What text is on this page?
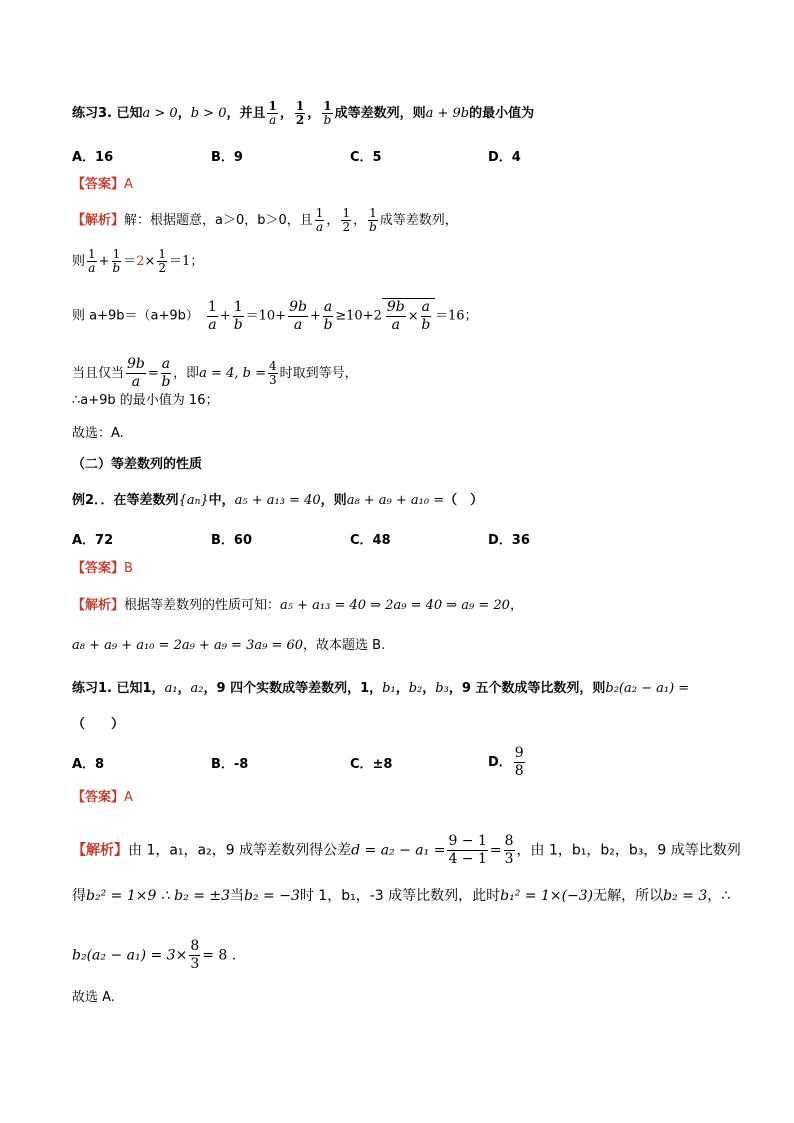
练习3. 已知a > 0，b > 0，并且 $\frac{1}{a}$ ， $\frac{1}{2}$ ， $\frac{1}{b}$ 成等差数列，则a + 9b的最小值为
A．16	B．9	C．5	D．4
【答案】A
【解析】解：根据题意，a＞0，b＞0，且 $\frac{1}{a}$ ， $\frac{1}{2}$ ， $\frac{1}{b}$ 成等差数列，
则 $\frac{1}{a} + \frac{1}{b} =2\times \frac{1}{2} =1$；
则 $a+9b=(a+9b) \frac{1}{a} + \frac{1}{b} =10+ \frac{9b}{a} + \frac{a}{b} \ge 10+2 \frac{9b}{a} \times \frac{a}{b} =16$；
当且仅当 $\frac{9b}{a} = \frac{a}{b}$ ，即a = 4, $b = \frac{4}{3}$ 时取到等号，
∴a+9b 的最小值为 16；
故选：A.
（二）等差数列的性质
例2．．在等差数列{an}中，a₅ + a₁₃ = 40，则a₈ + a₉ + a₁₀ =（　）
A．72	B．60	C．48	D．36
【答案】B
【解析】根据等差数列的性质可知：a₅ + a₁₃ = 40 ⇒ 2a₉ = 40 ⇒ a₉ = 20，
a₈ + a₉ + a₁₀ = 2a₉ + a₉ = 3a₉ = 60，故本题选 B.
练习1. 已知1，a₁，a₂，9 四个实数成等差数列，1，b₁，b₂，b₃，9 五个数成等比数列，则b₂(a₂ − a₁) =
（　　）
A．8	B．-8	C．±8	D． $\frac{9}{8}$
【答案】A
【解析】由 1，a₁，a₂，9 成等差数列得公差$d = a_2 - a_1 = \frac{9 - 1}{4 - 1} = \frac{8}{3}$ ，由 1，b₁，b₂，b₃，9 成等比数列
得b₂² = 1×9 ∴ b₂ = ±3当b₂ = −3时 1，b₁，-3 成等比数列，此时b₁² = 1×(−3)无解，所以b₂ = 3，∴
$b_2(a_2 - a_1) = 3\times \frac{8}{3} = 8$ .
故选 A.
